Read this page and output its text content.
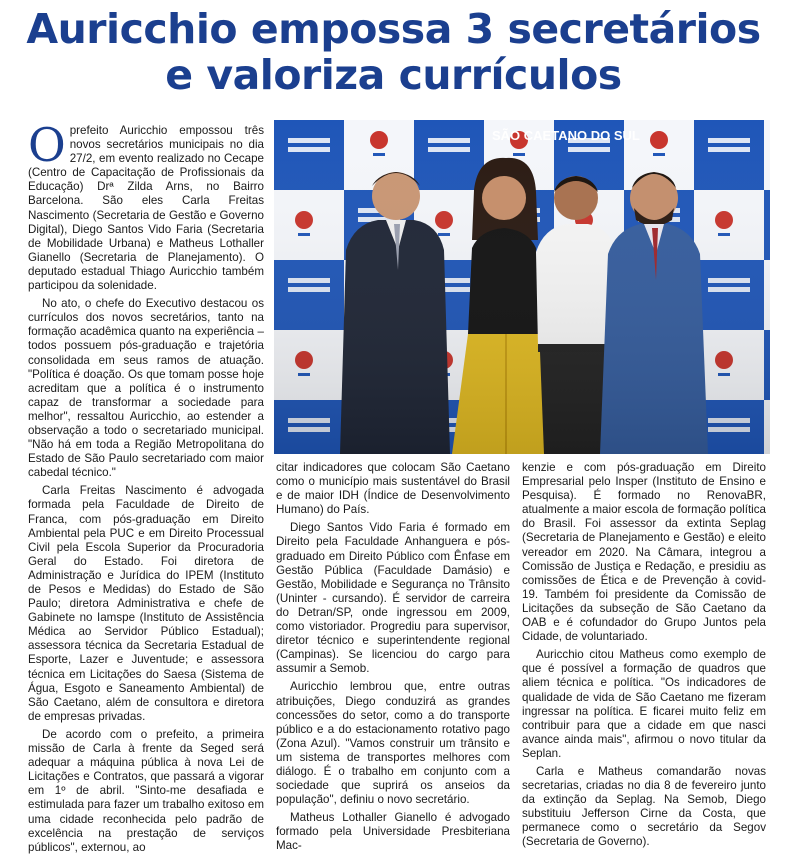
Auricchio empossa 3 secretários
e valoriza currículos

Oprefeito Auricchio empossou três novos secretários municipais no dia 27/2, em evento realizado no Cecape (Centro de Capacitação de Profissionais da Educação) Drª Zilda Arns, no Bairro Barcelona. São eles Carla Freitas Nascimento (Secretaria de Gestão e Governo Digital), Diego Santos Vido Faria (Secretaria de Mobilidade Urbana) e Matheus Lothaller Gianello (Secretaria de Planejamento). O deputado estadual Thiago Auricchio também participou da solenidade.

No ato, o chefe do Executivo destacou os currículos dos novos secretários, tanto na formação acadêmica quanto na experiência – todos possuem pós-graduação e trajetória consolidada em seus ramos de atuação. "Política é doação. Os que tomam posse hoje acreditam que a política é o instrumento capaz de transformar a sociedade para melhor", ressaltou Auricchio, ao estender a observação a todo o secretariado municipal. "Não há em toda a Região Metropolitana do Estado de São Paulo secretariado com maior cabedal técnico."

Carla Freitas Nascimento é advogada formada pela Faculdade de Direito de Franca, com pós-graduação em Direito Ambiental pela PUC e em Direito Processual Civil pela Escola Superior da Procuradoria Geral do Estado. Foi diretora de Administração e Jurídica do IPEM (Instituto de Pesos e Medidas) do Estado de São Paulo; diretora Administrativa e chefe de Gabinete no Iamspe (Instituto de Assistência Médica ao Servidor Público Estadual); assessora técnica da Secretaria Estadual de Esporte, Lazer e Juventude; e assessora técnica em Licitações do Saesa (Sistema de Água, Esgoto e Saneamento Ambiental) de São Caetano, além de consultora e diretora de empresas privadas.

De acordo com o prefeito, a primeira missão de Carla à frente da Seged será adequar a máquina pública à nova Lei de Licitações e Contratos, que passará a vigorar em 1º de abril. "Sinto-me desafiada e estimulada para fazer um trabalho exitoso em uma cidade reconhecida pelo padrão de excelência na prestação de serviços públicos", externou, ao

citar indicadores que colocam São Caetano como o município mais sustentável do Brasil e de maior IDH (Índice de Desenvolvimento Humano) do País.

Diego Santos Vido Faria é formado em Direito pela Faculdade Anhanguera e pós-graduado em Direito Público com Ênfase em Gestão Pública (Faculdade Damásio) e Gestão, Mobilidade e Segurança no Trânsito (Uninter - cursando). É servidor de carreira do Detran/SP, onde ingressou em 2009, como vistoriador. Progrediu para supervisor, diretor técnico e superintendente regional (Campinas). Se licenciou do cargo para assumir a Semob.

Auricchio lembrou que, entre outras atribuições, Diego conduzirá as grandes concessões do setor, como a do transporte público e a do estacionamento rotativo pago (Zona Azul). "Vamos construir um trânsito e um sistema de transportes melhores com diálogo. É o trabalho em conjunto com a sociedade que suprirá os anseios da população", definiu o novo secretário.

Matheus Lothaller Gianello é advogado formado pela Universidade Presbiteriana Mac-

kenzie e com pós-graduação em Direito Empresarial pelo Insper (Instituto de Ensino e Pesquisa). É formado no RenovaBR, atualmente a maior escola de formação política do Brasil. Foi assessor da extinta Seplag (Secretaria de Planejamento e Gestão) e eleito vereador em 2020. Na Câmara, integrou a Comissão de Justiça e Redação, e presidiu as comissões de Ética e de Prevenção à covid-19. Também foi presidente da Comissão de Licitações da subseção de São Caetano da OAB e é cofundador do Grupo Juntos pela Cidade, de voluntariado.

Auricchio citou Matheus como exemplo de que é possível a formação de quadros que aliem técnica e política. "Os indicadores de qualidade de vida de São Caetano me fizeram ingressar na política. E ficarei muito feliz em contribuir para que a cidade em que nasci avance ainda mais", afirmou o novo titular da Seplan.

Carla e Matheus comandarão novas secretarias, criadas no dia 8 de fevereiro junto da extinção da Seplag. Na Semob, Diego substituiu Jefferson Cirne da Costa, que permanece como o secretário da Segov (Secretaria de Governo).
